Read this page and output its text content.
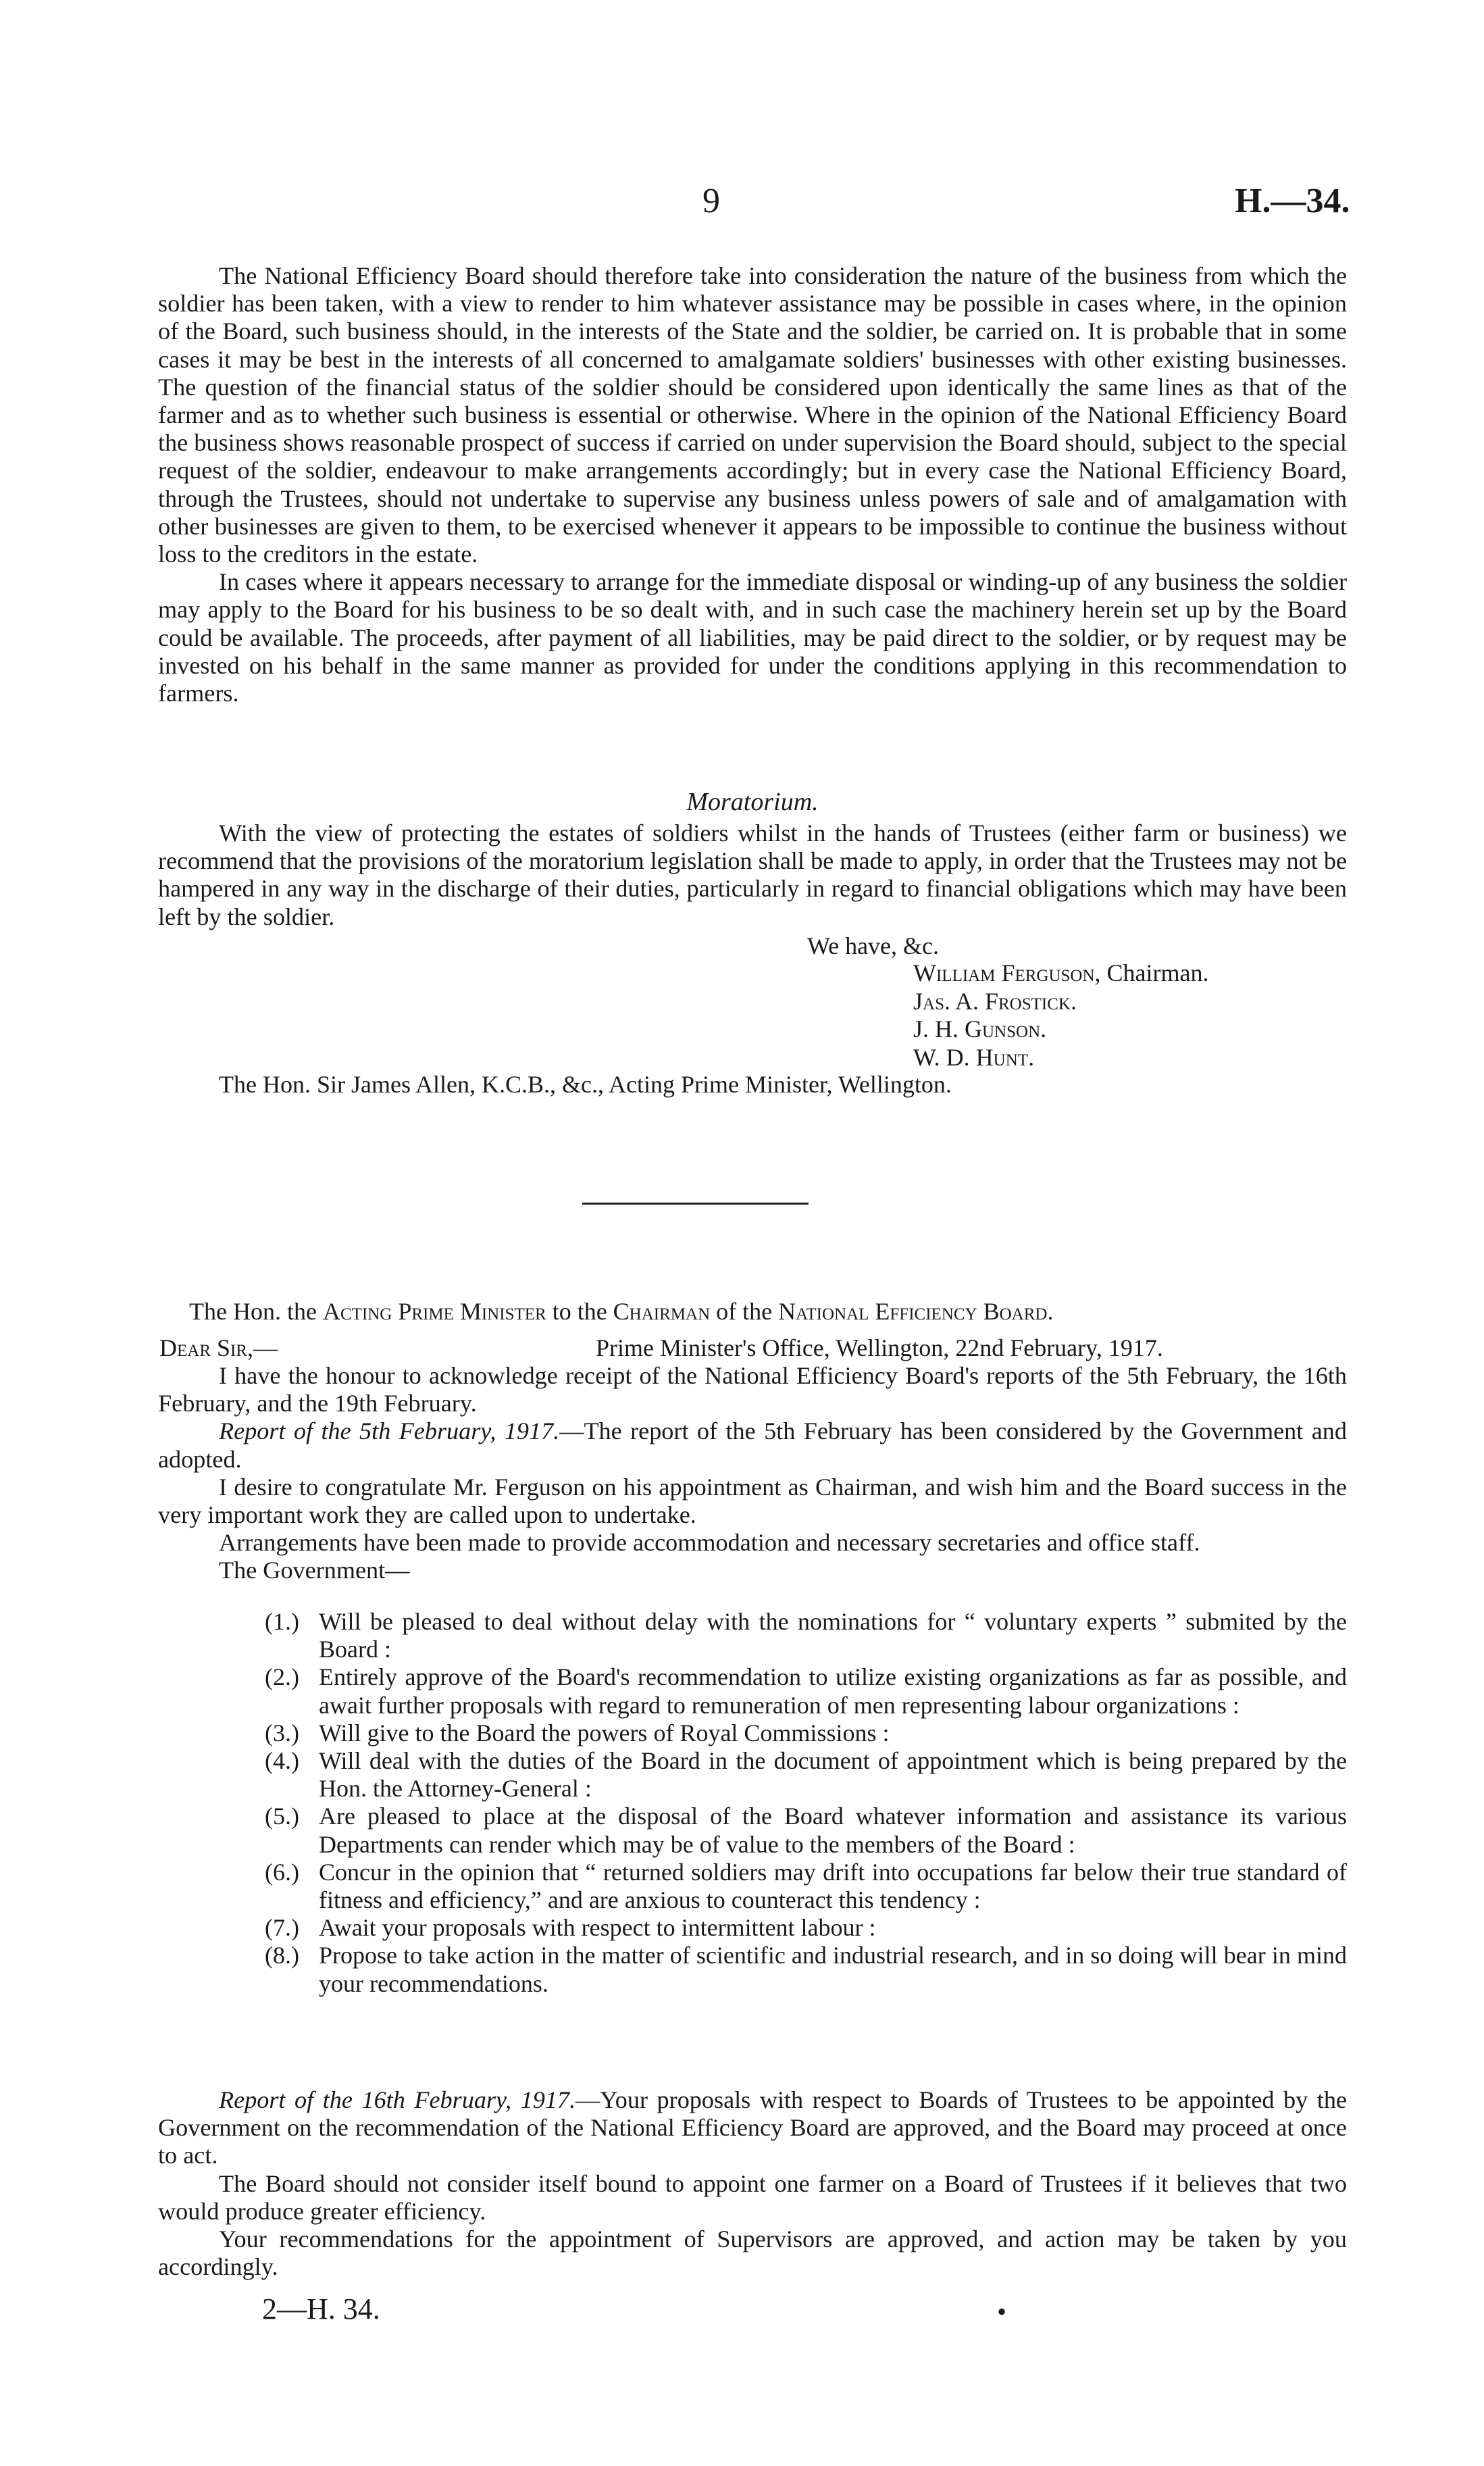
9	H.—34.

The National Efficiency Board should therefore take into consideration the nature of the business from which the soldier has been taken, with a view to render to him whatever assistance may be possible in cases where, in the opinion of the Board, such business should, in the interests of the State and the soldier, be carried on. It is probable that in some cases it may be best in the interests of all concerned to amalgamate soldiers' businesses with other existing businesses. The question of the financial status of the soldier should be considered upon identically the same lines as that of the farmer and as to whether such business is essential or otherwise. Where in the opinion of the National Efficiency Board the business shows reasonable prospect of success if carried on under supervision the Board should, subject to the special request of the soldier, endeavour to make arrangements accordingly; but in every case the National Efficiency Board, through the Trustees, should not undertake to supervise any business unless powers of sale and of amalgamation with other businesses are given to them, to be exercised whenever it appears to be impossible to continue the business without loss to the creditors in the estate.

In cases where it appears necessary to arrange for the immediate disposal or winding-up of any business the soldier may apply to the Board for his business to be so dealt with, and in such case the machinery herein set up by the Board could be available. The proceeds, after payment of all liabilities, may be paid direct to the soldier, or by request may be invested on his behalf in the same manner as provided for under the conditions applying in this recommendation to farmers.

Moratorium.

With the view of protecting the estates of soldiers whilst in the hands of Trustees (either farm or business) we recommend that the provisions of the moratorium legislation shall be made to apply, in order that the Trustees may not be hampered in any way in the discharge of their duties, particularly in regard to financial obligations which may have been left by the soldier.

We have, &c.
William Ferguson, Chairman.
Jas. A. Frostick.
J. H. Gunson.
W. D. Hunt.
The Hon. Sir James Allen, K.C.B., &c., Acting Prime Minister, Wellington.
The Hon. the Acting Prime Minister to the Chairman of the National Efficiency Board.
Dear Sir,—	Prime Minister's Office, Wellington, 22nd February, 1917.

I have the honour to acknowledge receipt of the National Efficiency Board's reports of the 5th February, the 16th February, and the 19th February.

Report of the 5th February, 1917.—The report of the 5th February has been considered by the Government and adopted.

I desire to congratulate Mr. Ferguson on his appointment as Chairman, and wish him and the Board success in the very important work they are called upon to undertake.

Arrangements have been made to provide accommodation and necessary secretaries and office staff.

The Government—

(1.) Will be pleased to deal without delay with the nominations for “ voluntary experts ” submited by the Board :
(2.) Entirely approve of the Board's recommendation to utilize existing organizations as far as possible, and await further proposals with regard to remuneration of men representing labour organizations :
(3.) Will give to the Board the powers of Royal Commissions :
(4.) Will deal with the duties of the Board in the document of appointment which is being prepared by the Hon. the Attorney-General :
(5.) Are pleased to place at the disposal of the Board whatever information and assistance its various Departments can render which may be of value to the members of the Board :
(6.) Concur in the opinion that “ returned soldiers may drift into occupations far below their true standard of fitness and efficiency,” and are anxious to counteract this tendency :
(7.) Await your proposals with respect to intermittent labour :
(8.) Propose to take action in the matter of scientific and industrial research, and in so doing will bear in mind your recommendations.

Report of the 16th February, 1917.—Your proposals with respect to Boards of Trustees to be appointed by the Government on the recommendation of the National Efficiency Board are approved, and the Board may proceed at once to act.

The Board should not consider itself bound to appoint one farmer on a Board of Trustees if it believes that two would produce greater efficiency.

Your recommendations for the appointment of Supervisors are approved, and action may be taken by you accordingly.

2—H. 34.	•
